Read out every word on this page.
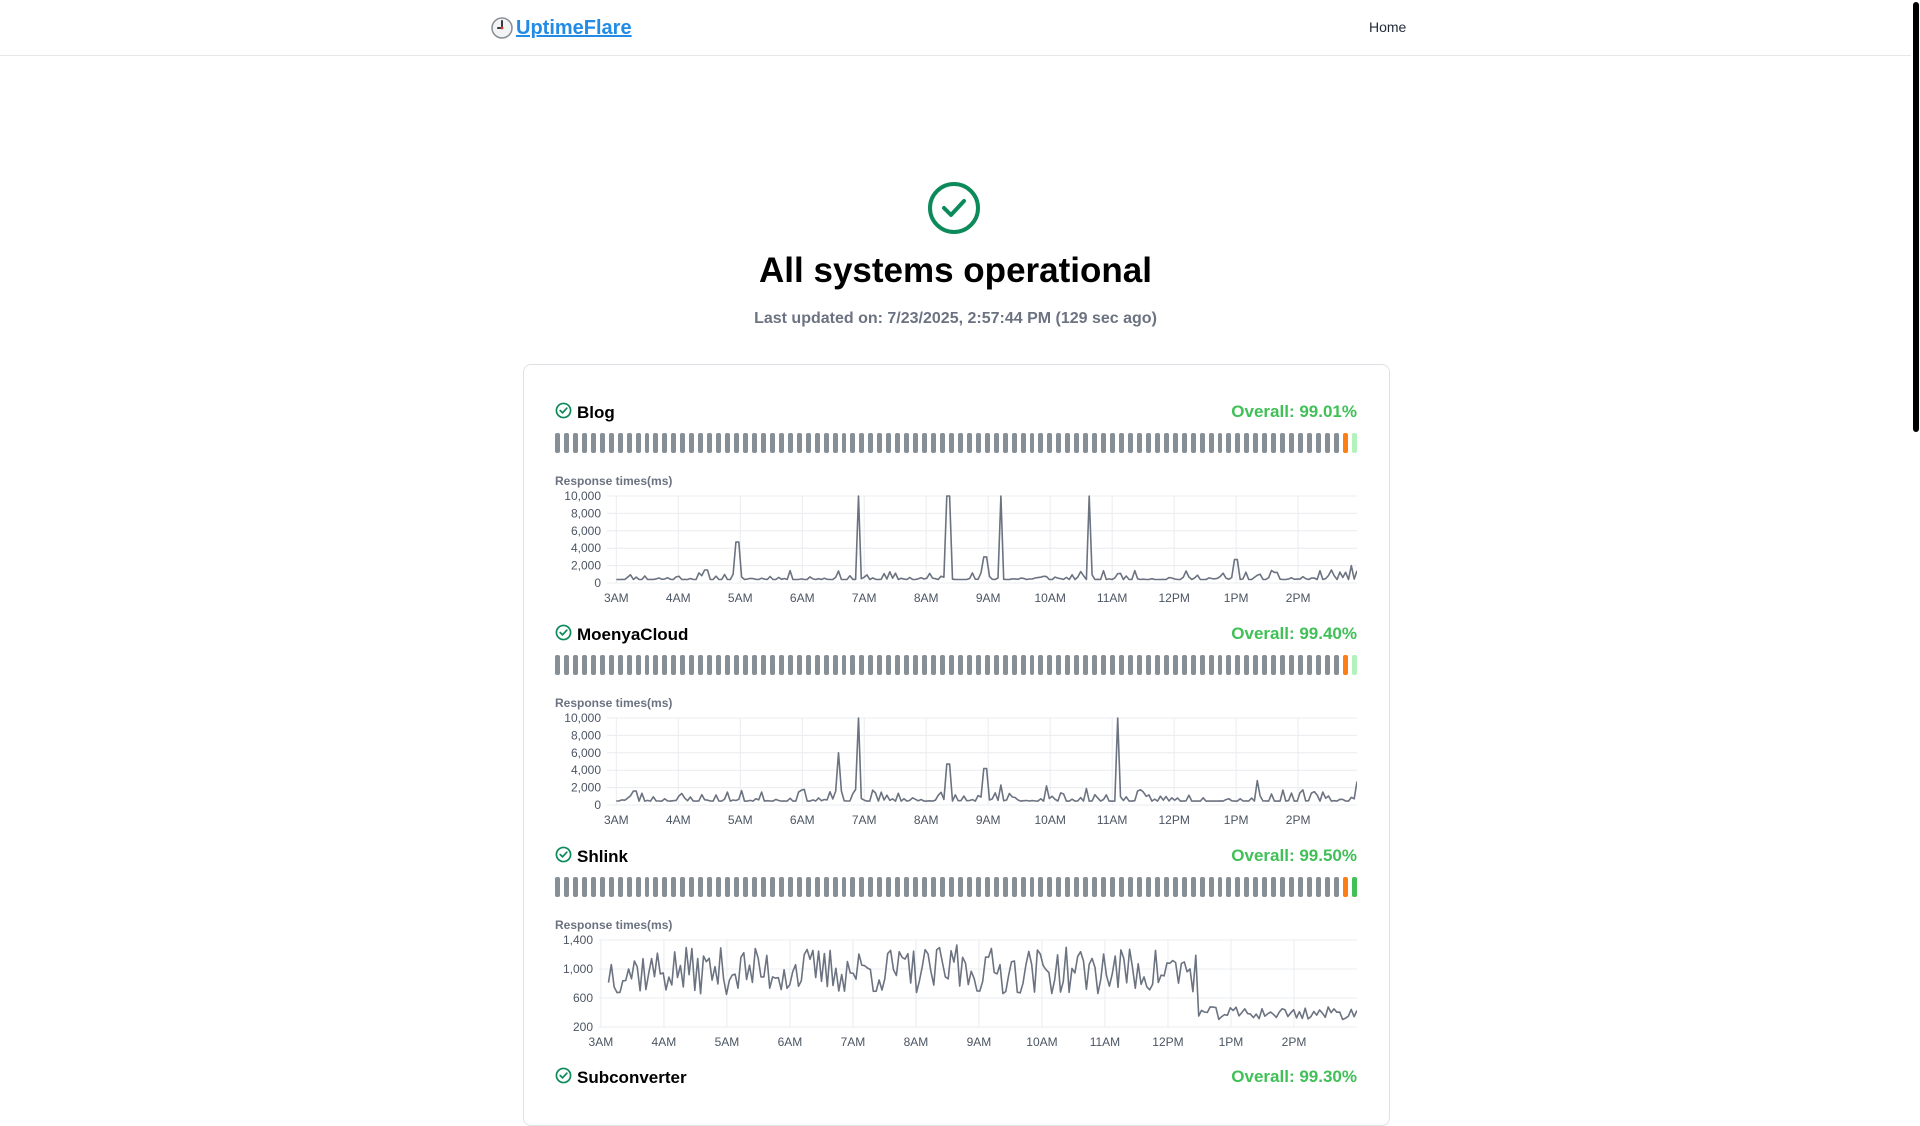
UptimeFlare	Home
All systems operational
Last updated on: 7/23/2025, 2:57:44 PM (129 sec ago)
Blog	Overall: 99.01%
Response times(ms)
0
2,000
4,000
6,000
8,000
10,000
3AM	4AM	5AM	6AM	7AM	8AM	9AM	10AM	11AM	12PM	1PM	2PM
MoenyaCloud	Overall: 99.40%
Response times(ms)
0
2,000
4,000
6,000
8,000
10,000
3AM	4AM	5AM	6AM	7AM	8AM	9AM	10AM	11AM	12PM	1PM	2PM
Shlink	Overall: 99.50%
Response times(ms)
200
600
1,000
1,400
3AM	4AM	5AM	6AM	7AM	8AM	9AM	10AM	11AM	12PM	1PM	2PM
Subconverter	Overall: 99.30%
